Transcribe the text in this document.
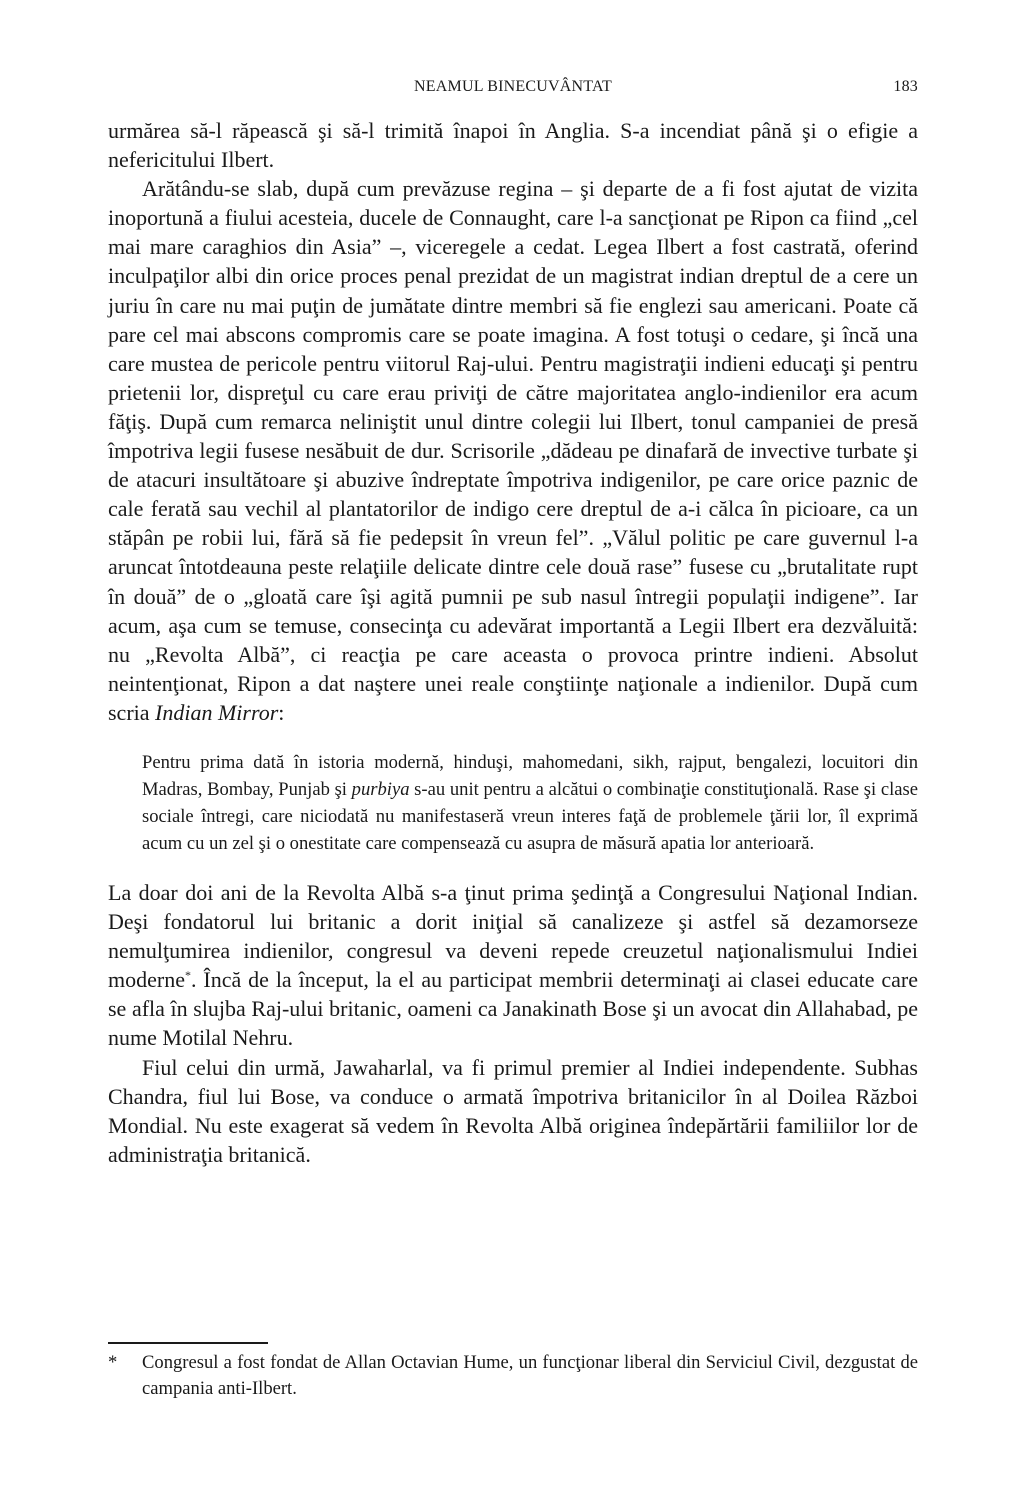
NEAMUL BINECUVÂNTAT	183

urmărea să-l răpească şi să-l trimită înapoi în Anglia. S-a incendiat până şi o efigie a nefericitului Ilbert.

Arătându-se slab, după cum prevăzuse regina – şi departe de a fi fost ajutat de vizita inoportună a fiului acesteia, ducele de Connaught, care l-a sancţionat pe Ripon ca fiind „cel mai mare caraghios din Asia” –, viceregele a cedat. Legea Ilbert a fost castrată, oferind inculpaţilor albi din orice proces penal prezidat de un magistrat indian dreptul de a cere un juriu în care nu mai puţin de jumătate dintre membri să fie englezi sau americani. Poate că pare cel mai abscons compromis care se poate imagina. A fost totuşi o cedare, şi încă una care mustea de pericole pentru viitorul Raj-ului. Pentru magistraţii indieni educaţi şi pentru prietenii lor, dispreţul cu care erau priviţi de către majoritatea anglo-indienilor era acum făţiş. După cum remarca neliniştit unul dintre colegii lui Ilbert, tonul campaniei de presă împotriva legii fusese nesăbuit de dur. Scrisorile „dădeau pe dinafară de invective turbate şi de atacuri insultătoare şi abuzive îndreptate împotriva indigenilor, pe care orice paznic de cale ferată sau vechil al plantatorilor de indigo cere dreptul de a-i călca în picioare, ca un stăpân pe robii lui, fără să fie pedepsit în vreun fel”. „Vălul politic pe care guvernul l-a aruncat întotdeauna peste relaţiile delicate dintre cele două rase” fusese cu „brutalitate rupt în două” de o „gloată care îşi agită pumnii pe sub nasul întregii populaţii indigene”. Iar acum, aşa cum se temuse, consecinţa cu adevărat importantă a Legii Ilbert era dezvăluită: nu „Revolta Albă”, ci reacţia pe care aceasta o provoca printre indieni. Absolut neintenţionat, Ripon a dat naştere unei reale conştiinţe naţionale a indienilor. După cum scria Indian Mirror:

Pentru prima dată în istoria modernă, hinduşi, mahomedani, sikh, rajput, bengalezi, locuitori din Madras, Bombay, Punjab şi purbiya s-au unit pentru a alcătui o combinaţie constituţională. Rase şi clase sociale întregi, care niciodată nu manifestaseră vreun interes faţă de problemele ţării lor, îl exprimă acum cu un zel şi o onestitate care compensează cu asupra de măsură apatia lor anterioară.

La doar doi ani de la Revolta Albă s-a ţinut prima şedinţă a Congresului Naţional Indian. Deşi fondatorul lui britanic a dorit iniţial să canalizeze şi astfel să dezamorseze nemulţumirea indienilor, congresul va deveni repede creuzetul naţionalismului Indiei moderne*. Încă de la început, la el au participat membrii determinaţi ai clasei educate care se afla în slujba Raj-ului britanic, oameni ca Janakinath Bose şi un avocat din Allahabad, pe nume Motilal Nehru.

Fiul celui din urmă, Jawaharlal, va fi primul premier al Indiei independente. Subhas Chandra, fiul lui Bose, va conduce o armată împotriva britanicilor în al Doilea Război Mondial. Nu este exagerat să vedem în Revolta Albă originea îndepărtării familiilor lor de administraţia britanică.

* Congresul a fost fondat de Allan Octavian Hume, un funcţionar liberal din Serviciul Civil, dezgustat de campania anti-Ilbert.
